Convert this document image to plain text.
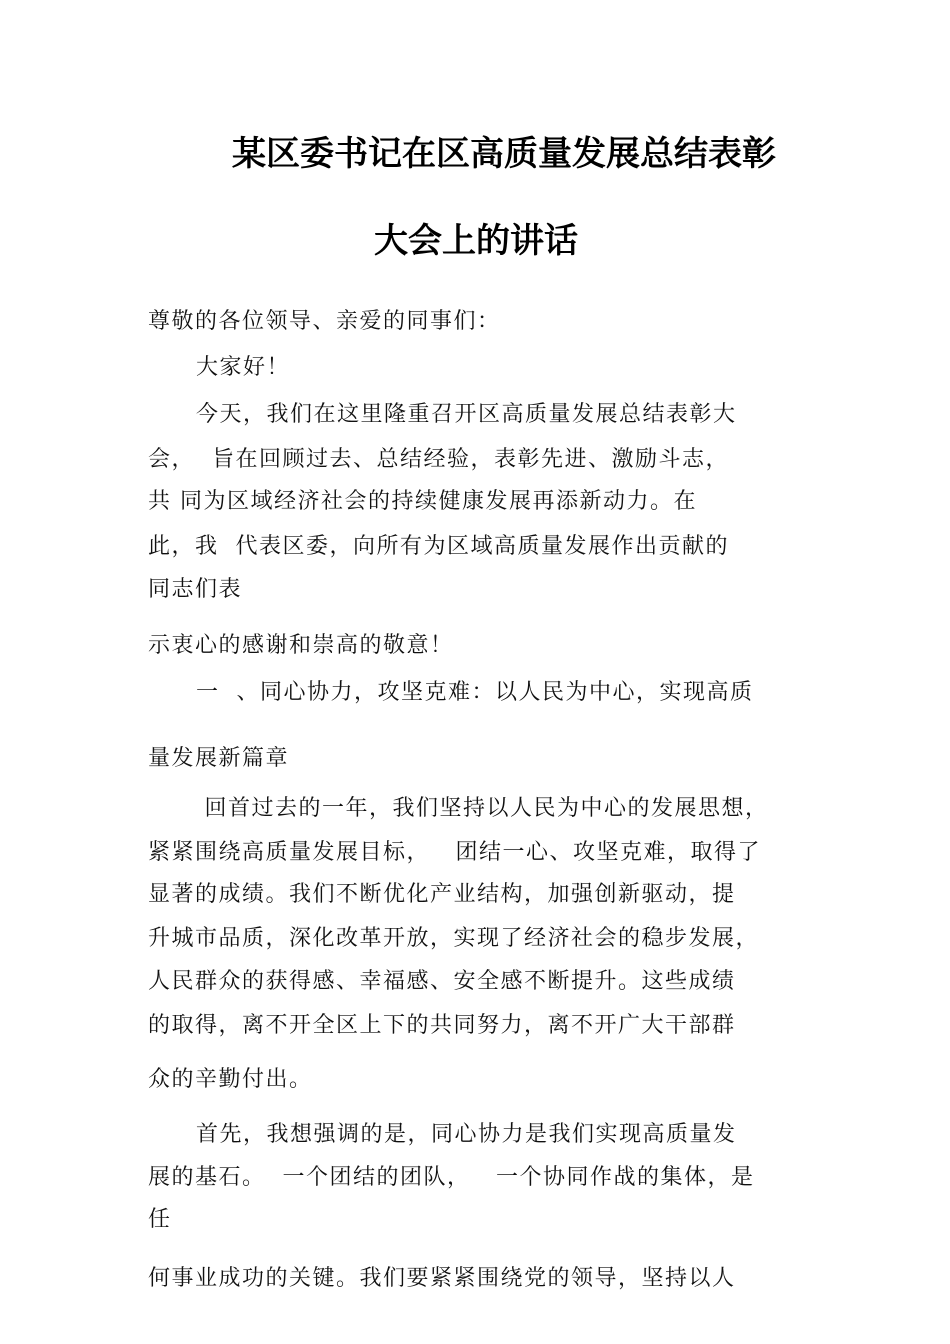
某区委书记在区高质量发展总结表彰
大会上的讲话
尊敬的各位领导、亲爱的同事们：
大家好！
今天，我们在这里隆重召开区高质量发展总结表彰大
会，  旨在回顾过去、总结经验，表彰先进、激励斗志，
共 同为区域经济社会的持续健康发展再添新动力。在
此，我  代表区委，向所有为区域高质量发展作出贡献的
同志们表
示衷心的感谢和崇高的敬意！
一  、同心协力，攻坚克难：以人民为中心，实现高质
量发展新篇章
回首过去的一年，我们坚持以人民为中心的发展思想，
紧紧围绕高质量发展目标，   团结一心、攻坚克难，取得了
显著的成绩。我们不断优化产业结构，加强创新驱动，提
升城市品质，深化改革开放，实现了经济社会的稳步发展，
人民群众的获得感、幸福感、安全感不断提升。这些成绩
的取得，离不开全区上下的共同努力，离不开广大干部群
众的辛勤付出。
首先，我想强调的是，同心协力是我们实现高质量发
展的基石。  一个团结的团队，   一个协同作战的集体，是
任
何事业成功的关键。我们要紧紧围绕党的领导，坚持以人
